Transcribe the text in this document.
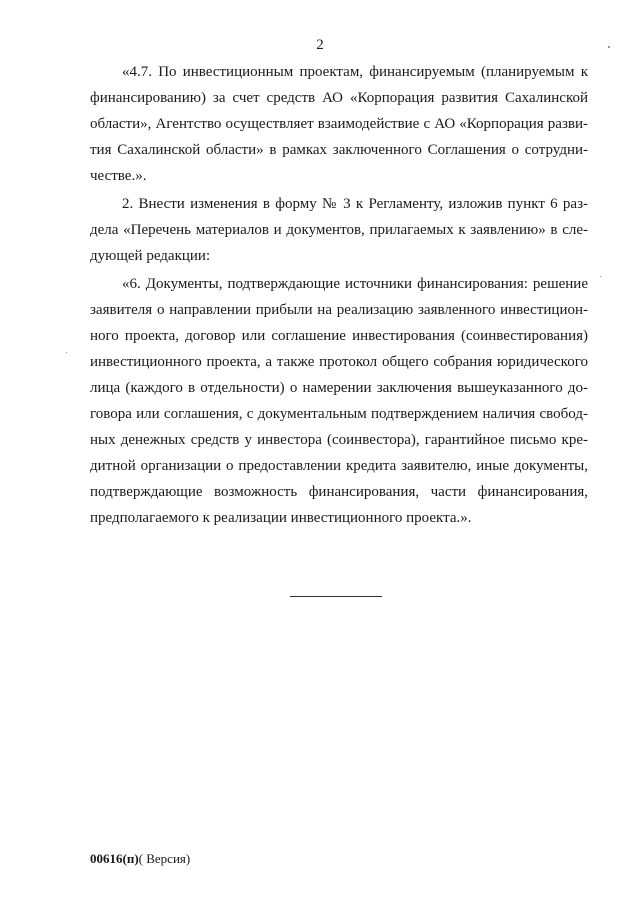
2
«4.7. По инвестиционным проектам, финансируемым (планируемым к
финансированию) за счет средств АО «Корпорация развития Сахалинской
области», Агентство осуществляет взаимодействие с АО «Корпорация разви-
тия Сахалинской области» в рамках заключенного Соглашения о сотрудни-
честве.».
2. Внести изменения в форму № 3 к Регламенту, изложив пункт 6 раз-
дела «Перечень материалов и документов, прилагаемых к заявлению» в сле-
дующей редакции:
«6. Документы, подтверждающие источники финансирования: решение
заявителя о направлении прибыли на реализацию заявленного инвестицион-
ного проекта, договор или соглашение инвестирования (соинвестирования)
инвестиционного проекта, а также протокол общего собрания юридического
лица (каждого в отдельности) о намерении заключения вышеуказанного до-
говора или соглашения, с документальным подтверждением наличия свобод-
ных денежных средств у инвестора (соинвестора), гарантийное письмо кре-
дитной организации о предоставлении кредита заявителю, иные документы,
подтверждающие возможность финансирования, части финансирования,
предполагаемого к реализации инвестиционного проекта.».
00616(п)( Версия)
